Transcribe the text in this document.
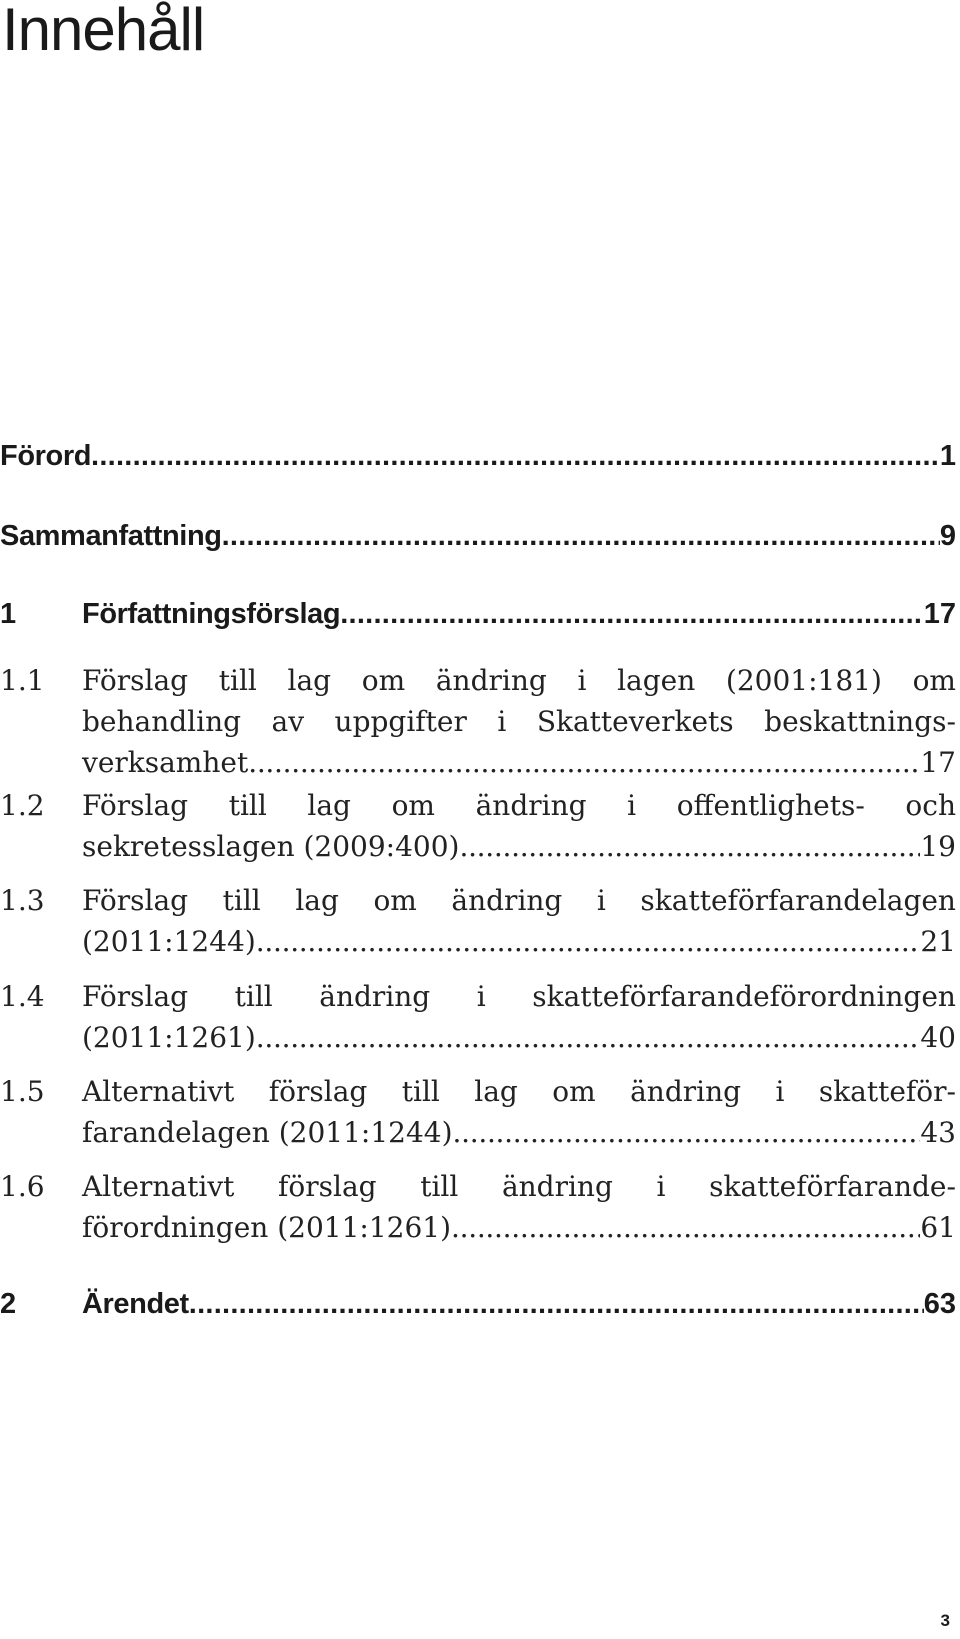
Innehåll
Förord . . .	1
Sammanfattning . . .	9
1	Författningsförslag . . .	17
1.1	Förslag till lag om ändring i lagen (2001:181) om
behandling av uppgifter i Skatteverkets beskattnings-
verksamhet . . .	17
1.2	Förslag till lag om ändring i offentlighets- och
sekretesslagen (2009:400) . . .	19
1.3	Förslag till lag om ändring i skatteförfarandelagen
(2011:1244) . . .	21
1.4	Förslag till ändring i skatteförfarandeförordningen
(2011:1261) . . .	40
1.5	Alternativt förslag till lag om ändring i skatteför-
farandelagen (2011:1244) . . .	43
1.6	Alternativt förslag till ändring i skatteförfarande-
förordningen (2011:1261) . . .	61
2	Ärendet . . .	63
3
